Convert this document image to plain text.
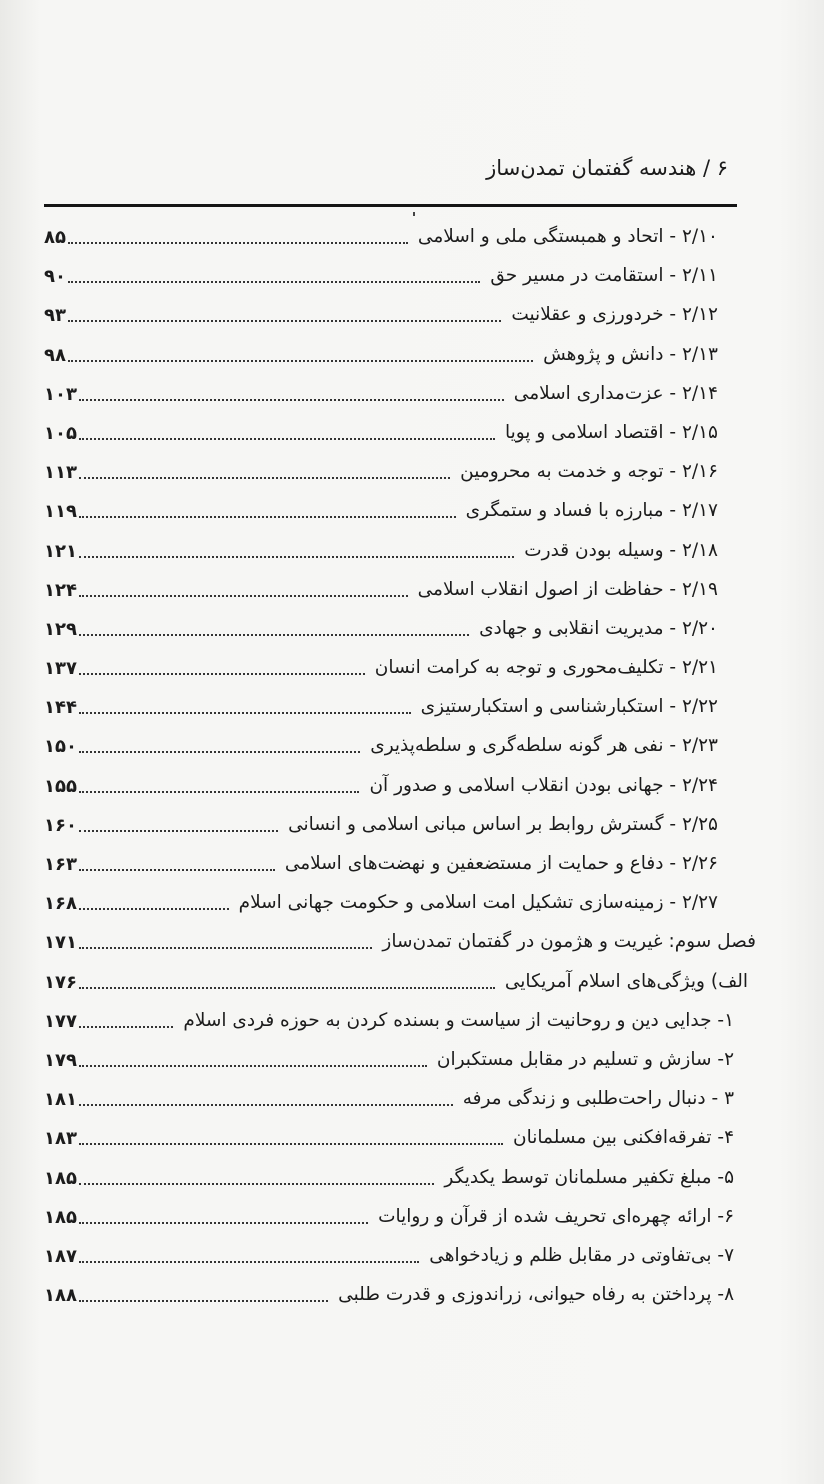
۶ / هندسه گفتمان تمدن‌ساز
۲/۱۰ - اتحاد و همبستگی ملی و اسلامی
۸۵
۲/۱۱ - استقامت در مسیر حق
۹۰
۲/۱۲ - خردورزی و عقلانیت
۹۳
۲/۱۳ - دانش و پژوهش
۹۸
۲/۱۴ - عزت‌مداری اسلامی
۱۰۳
۲/۱۵ - اقتصاد اسلامی و پویا
۱۰۵
۲/۱۶ - توجه و خدمت به محرومین
۱۱۳
۲/۱۷ - مبارزه با فساد و ستمگری
۱۱۹
۲/۱۸ - وسیله بودن قدرت
۱۲۱
۲/۱۹ - حفاظت از اصول انقلاب اسلامی
۱۲۴
۲/۲۰ - مدیریت انقلابی و جهادی
۱۲۹
۲/۲۱ - تکلیف‌محوری و توجه به کرامت انسان
۱۳۷
۲/۲۲ - استکبارشناسی و استکبارستیزی
۱۴۴
۲/۲۳ - نفی هر گونه سلطه‌گری و سلطه‌پذیری
۱۵۰
۲/۲۴ - جهانی بودن انقلاب اسلامی و صدور آن
۱۵۵
۲/۲۵ - گسترش روابط بر اساس مبانی اسلامی و انسانی
۱۶۰
۲/۲۶ - دفاع و حمایت از مستضعفین و نهضت‌های اسلامی
۱۶۳
۲/۲۷ - زمینه‌سازی تشکیل امت اسلامی و حکومت جهانی اسلام
۱۶۸
فصل سوم: غیریت و هژمون در گفتمان تمدن‌ساز
۱۷۱
الف) ویژگی‌های اسلام آمریکایی
۱۷۶
۱- جدایی دین و روحانیت از سیاست و بسنده کردن به حوزه فردی اسلام
۱۷۷
۲- سازش و تسلیم در مقابل مستکبران
۱۷۹
۳ - دنبال راحت‌طلبی و زندگی مرفه
۱۸۱
۴- تفرقه‌افکنی بین مسلمانان
۱۸۳
۵- مبلغ تکفیر مسلمانان توسط یکدیگر
۱۸۵
۶- ارائه چهره‌ای تحریف شده از قرآن و روایات
۱۸۵
۷- بی‌تفاوتی در مقابل ظلم و زیادخواهی
۱۸۷
۸- پرداختن به رفاه حیوانی، زراندوزی و قدرت طلبی
۱۸۸
